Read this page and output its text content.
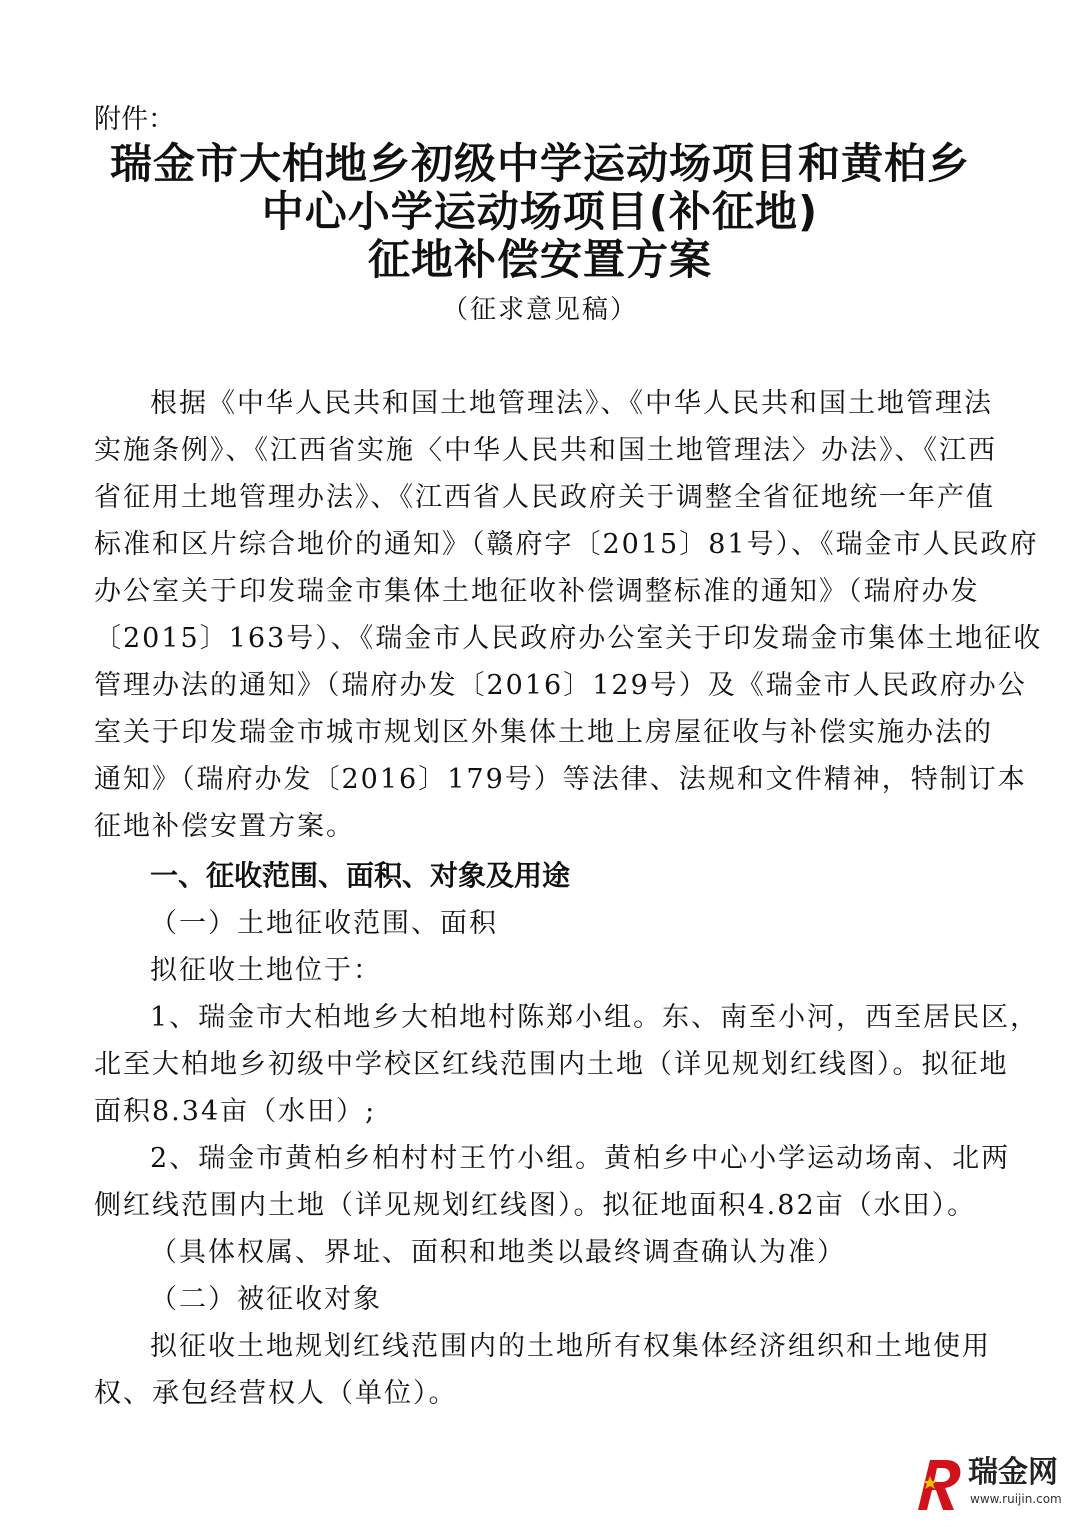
附件：
瑞金市大柏地乡初级中学运动场项目和黄柏乡
中心小学运动场项目(补征地)
征地补偿安置方案
（征求意见稿）
根据《中华人民共和国土地管理法》、《中华人民共和国土地管理法
实施条例》、《江西省实施〈中华人民共和国土地管理法〉办法》、《江西
省征用土地管理办法》、《江西省人民政府关于调整全省征地统一年产值
标准和区片综合地价的通知》（赣府字〔2015〕81号）、《瑞金市人民政府
办公室关于印发瑞金市集体土地征收补偿调整标准的通知》（瑞府办发
〔2015〕163号）、《瑞金市人民政府办公室关于印发瑞金市集体土地征收
管理办法的通知》（瑞府办发〔2016〕129号）及《瑞金市人民政府办公
室关于印发瑞金市城市规划区外集体土地上房屋征收与补偿实施办法的
通知》（瑞府办发〔2016〕179号）等法律、法规和文件精神，特制订本
征地补偿安置方案。
一、征收范围、面积、对象及用途
（一）土地征收范围、面积
拟征收土地位于：
1、瑞金市大柏地乡大柏地村陈郑小组。东、南至小河，西至居民区，
北至大柏地乡初级中学校区红线范围内土地（详见规划红线图）。拟征地
面积8.34亩（水田）;
2、瑞金市黄柏乡柏村村王竹小组。黄柏乡中心小学运动场南、北两
侧红线范围内土地（详见规划红线图）。拟征地面积4.82亩（水田）。
（具体权属、界址、面积和地类以最终调查确认为准）
（二）被征收对象
拟征收土地规划红线范围内的土地所有权集体经济组织和土地使用
权、承包经营权人（单位）。
瑞金网
www.ruijin.com
